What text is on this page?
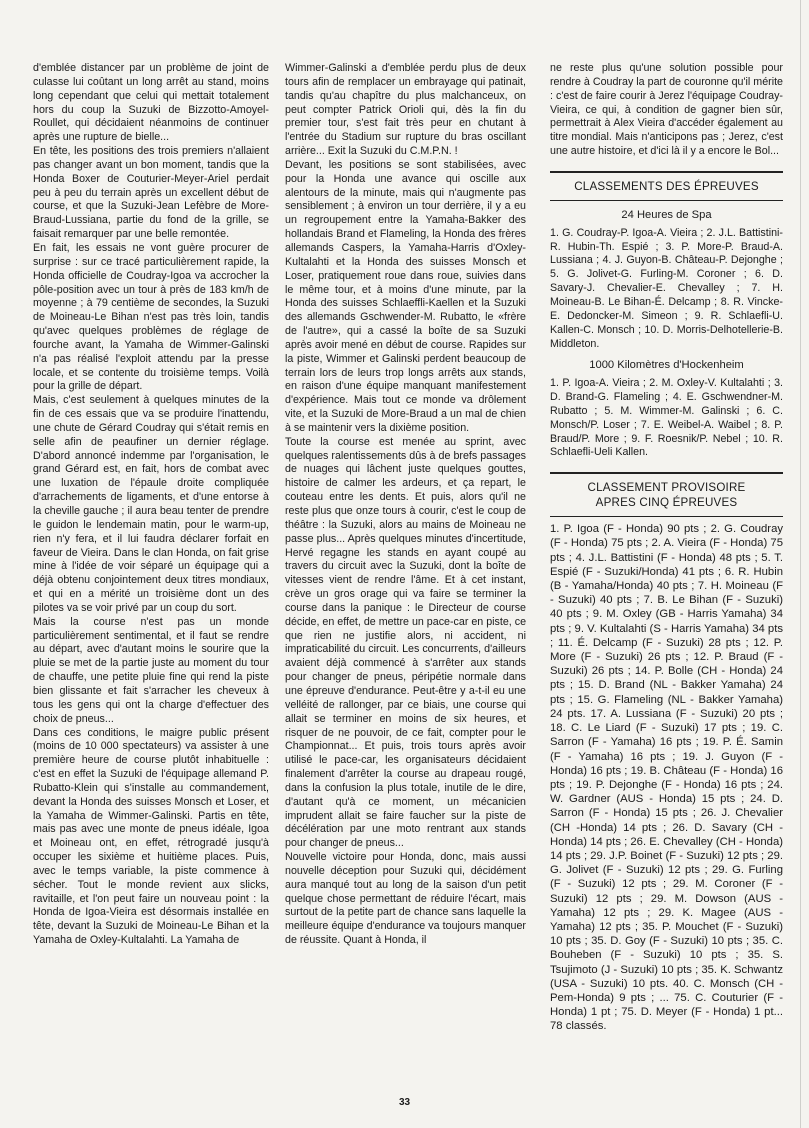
d'emblée distancer par un problème de joint de culasse lui coûtant un long arrêt au stand, moins long cependant que celui qui mettait totalement hors du coup la Suzuki de Bizzotto-Amoyel-Roullet, qui décidaient néanmoins de continuer après une rupture de bielle...

En tête, les positions des trois premiers n'allaient pas changer avant un bon moment, tandis que la Honda Boxer de Couturier-Meyer-Ariel perdait peu à peu du terrain après un excellent début de course, et que la Suzuki-Jean Lefèbre de More-Braud-Lussiana, partie du fond de la grille, se faisait remarquer par une belle remontée.

En fait, les essais ne vont guère procurer de surprise : sur ce tracé particulièrement rapide, la Honda officielle de Coudray-Igoa va accrocher la pôle-position avec un tour à près de 183 km/h de moyenne ; à 79 centième de secondes, la Suzuki de Moineau-Le Bihan n'est pas très loin, tandis qu'avec quelques problèmes de réglage de fourche avant, la Yamaha de Wimmer-Galinski n'a pas réalisé l'exploit attendu par la presse locale, et se contente du troisième temps. Voilà pour la grille de départ.

Mais, c'est seulement à quelques minutes de la fin de ces essais que va se produire l'inattendu, une chute de Gérard Coudray qui s'était remis en selle afin de peaufiner un dernier réglage. D'abord annoncé indemme par l'organisation, le grand Gérard est, en fait, hors de combat avec une luxation de l'épaule droite compliquée d'arrachements de ligaments, et d'une entorse à la cheville gauche ; il aura beau tenter de prendre le guidon le lendemain matin, pour le warm-up, rien n'y fera, et il lui faudra déclarer forfait en faveur de Vieira. Dans le clan Honda, on fait grise mine à l'idée de voir séparé un équipage qui a déjà obtenu conjointement deux titres mondiaux, et qui en a mérité un troisième dont un des pilotes va se voir privé par un coup du sort.

Mais la course n'est pas un monde particulièrement sentimental, et il faut se rendre au départ, avec d'autant moins le sourire que la pluie se met de la partie juste au moment du tour de chauffe, une petite pluie fine qui rend la piste bien glissante et fait s'arracher les cheveux à tous les gens qui ont la charge d'effectuer des choix de pneus...

Dans ces conditions, le maigre public présent (moins de 10 000 spectateurs) va assister à une première heure de course plutôt inhabituelle : c'est en effet la Suzuki de l'équipage allemand P. Rubatto-Klein qui s'installe au commandement, devant la Honda des suisses Monsch et Loser, et la Yamaha de Wimmer-Galinski. Partis en tête, mais pas avec une monte de pneus idéale, Igoa et Moineau ont, en effet, rétrogradé jusqu'à occuper les sixième et huitième places. Puis, avec le temps variable, la piste commence à sécher. Tout le monde revient aux slicks, ravitaille, et l'on peut faire un nouveau point : la Honda de Igoa-Vieira est désormais installée en tête, devant la Suzuki de Moineau-Le Bihan et la Yamaha de Oxley-Kultalahti. La Yamaha de

Wimmer-Galinski a d'emblée perdu plus de deux tours afin de remplacer un embrayage qui patinait, tandis qu'au chapître du plus malchanceux, on peut compter Patrick Orioli qui, dès la fin du premier tour, s'est fait très peur en chutant à l'entrée du Stadium sur rupture du bras oscillant arrière... Exit la Suzuki du C.M.P.N. !

Devant, les positions se sont stabilisées, avec pour la Honda une avance qui oscille aux alentours de la minute, mais qui n'augmente pas sensiblement ; à environ un tour derrière, il y a eu un regroupement entre la Yamaha-Bakker des hollandais Brand et Flameling, la Honda des frères allemands Caspers, la Yamaha-Harris d'Oxley-Kultalahti et la Honda des suisses Monsch et Loser, pratiquement roue dans roue, suivies dans le même tour, et à moins d'une minute, par la Honda des suisses Schlaeffli-Kaellen et la Suzuki des allemands Gschwender-M. Rubatto, le «frère de l'autre», qui a cassé la boîte de sa Suzuki après avoir mené en début de course. Rapides sur la piste, Wimmer et Galinski perdent beaucoup de terrain lors de leurs trop longs arrêts aux stands, en raison d'une équipe manquant manifestement d'expérience. Mais tout ce monde va drôlement vite, et la Suzuki de More-Braud a un mal de chien à se maintenir vers la dixième position.

Toute la course est menée au sprint, avec quelques ralentissements dûs à de brefs passages de nuages qui lâchent juste quelques gouttes, histoire de calmer les ardeurs, et ça repart, le couteau entre les dents. Et puis, alors qu'il ne reste plus que onze tours à courir, c'est le coup de théâtre : la Suzuki, alors au mains de Moineau ne passe plus... Après quelques minutes d'incertitude, Hervé regagne les stands en ayant coupé au travers du circuit avec la Suzuki, dont la boîte de vitesses vient de rendre l'âme. Et à cet instant, crève un gros orage qui va faire se terminer la course dans la panique : le Directeur de course décide, en effet, de mettre un pace-car en piste, ce que rien ne justifie alors, ni accident, ni impraticabilité du circuit. Les concurrents, d'ailleurs avaient déjà commencé à s'arrêter aux stands pour changer de pneus, péripétie normale dans une épreuve d'endurance. Peut-être y a-t-il eu une velléité de rallonger, par ce biais, une course qui allait se terminer en moins de six heures, et risquer de ne pouvoir, de ce fait, compter pour le Championnat... Et puis, trois tours après avoir utilisé le pace-car, les organisateurs décidaient finalement d'arrêter la course au drapeau rougé, dans la confusion la plus totale, inutile de le dire, d'autant qu'à ce moment, un mécanicien imprudent allait se faire faucher sur la piste de décélération par une moto rentrant aux stands pour changer de pneus...

Nouvelle victoire pour Honda, donc, mais aussi nouvelle déception pour Suzuki qui, décidément aura manqué tout au long de la saison d'un petit quelque chose permettant de réduire l'écart, mais surtout de la petite part de chance sans laquelle la meilleure équipe d'endurance va toujours manquer de réussite. Quant à Honda, il

ne reste plus qu'une solution possible pour rendre à Coudray la part de couronne qu'il mérite : c'est de faire courir à Jerez l'équipage Coudray-Vieira, ce qui, à condition de gagner bien sûr, permettrait à Alex Vieira d'accéder également au titre mondial. Mais n'anticipons pas ; Jerez, c'est une autre histoire, et d'ici là il y a encore le Bol...

CLASSEMENTS DES ÉPREUVES
24 Heures de Spa

1. G. Coudray-P. Igoa-A. Vieira ; 2. J.L. Battistini-R. Hubin-Th. Espié ; 3. P. More-P. Braud-A. Lussiana ; 4. J. Guyon-B. Château-P. Dejonghe ; 5. G. Jolivet-G. Furling-M. Coroner ; 6. D. Savary-J. Chevalier-E. Chevalley ; 7. H. Moineau-B. Le Bihan-É. Delcamp ; 8. R. Vincke-E. Dedoncker-M. Simeon ; 9. R. Schlaefli-U. Kallen-C. Monsch ; 10. D. Morris-Delhotellerie-B. Middleton.

1000 Kilomètres d'Hockenheim

1. P. Igoa-A. Vieira ; 2. M. Oxley-V. Kultalahti ; 3. D. Brand-G. Flameling ; 4. E. Gschwendner-M. Rubatto ; 5. M. Wimmer-M. Galinski ; 6. C. Monsch/P. Loser ; 7. E. Weibel-A. Waibel ; 8. P. Braud/P. More ; 9. F. Roesnik/P. Nebel ; 10. R. Schlaefli-Ueli Kallen.

CLASSEMENT PROVISOIRE
APRES CINQ ÉPREUVES

1. P. Igoa (F - Honda) 90 pts ; 2. G. Coudray (F - Honda) 75 pts ; 2. A. Vieira (F - Honda) 75 pts ; 4. J.L. Battistini (F - Honda) 48 pts ; 5. T. Espié (F - Suzuki/Honda) 41 pts ; 6. R. Hubin (B - Yamaha/Honda) 40 pts ; 7. H. Moineau (F - Suzuki) 40 pts ; 7. B. Le Bihan (F - Suzuki) 40 pts ; 9. M. Oxley (GB - Harris Yamaha) 34 pts ; 9. V. Kultalahti (S - Harris Yamaha) 34 pts ; 11. É. Delcamp (F - Suzuki) 28 pts ; 12. P. More (F - Suzuki) 26 pts ; 12. P. Braud (F - Suzuki) 26 pts ; 14. P. Bolle (CH - Honda) 24 pts ; 15. D. Brand (NL - Bakker Yamaha) 24 pts ; 15. G. Flameling (NL - Bakker Yamaha) 24 pts. 17. A. Lussiana (F - Suzuki) 20 pts ; 18. C. Le Liard (F - Suzuki) 17 pts ; 19. C. Sarron (F - Yamaha) 16 pts ; 19. P. É. Samin (F - Yamaha) 16 pts ; 19. J. Guyon (F - Honda) 16 pts ; 19. B. Château (F - Honda) 16 pts ; 19. P. Dejonghe (F - Honda) 16 pts ; 24. W. Gardner (AUS - Honda) 15 pts ; 24. D. Sarron (F - Honda) 15 pts ; 26. J. Chevalier (CH -Honda) 14 pts ; 26. D. Savary (CH - Honda) 14 pts ; 26. E. Chevalley (CH - Honda) 14 pts ; 29. J.P. Boinet (F - Suzuki) 12 pts ; 29. G. Jolivet (F - Suzuki) 12 pts ; 29. G. Furling (F - Suzuki) 12 pts ; 29. M. Coroner (F - Suzuki) 12 pts ; 29. M. Dowson (AUS - Yamaha) 12 pts ; 29. K. Magee (AUS - Yamaha) 12 pts ; 35. P. Mouchet (F - Suzuki) 10 pts ; 35. D. Goy (F - Suzuki) 10 pts ; 35. C. Bouheben (F - Suzuki) 10 pts ; 35. S. Tsujimoto (J - Suzuki) 10 pts ; 35. K. Schwantz (USA - Suzuki) 10 pts. 40. C. Monsch (CH - Pem-Honda) 9 pts ; ... 75. C. Couturier (F - Honda) 1 pt ; 75. D. Meyer (F - Honda) 1 pt... 78 classés.

33
